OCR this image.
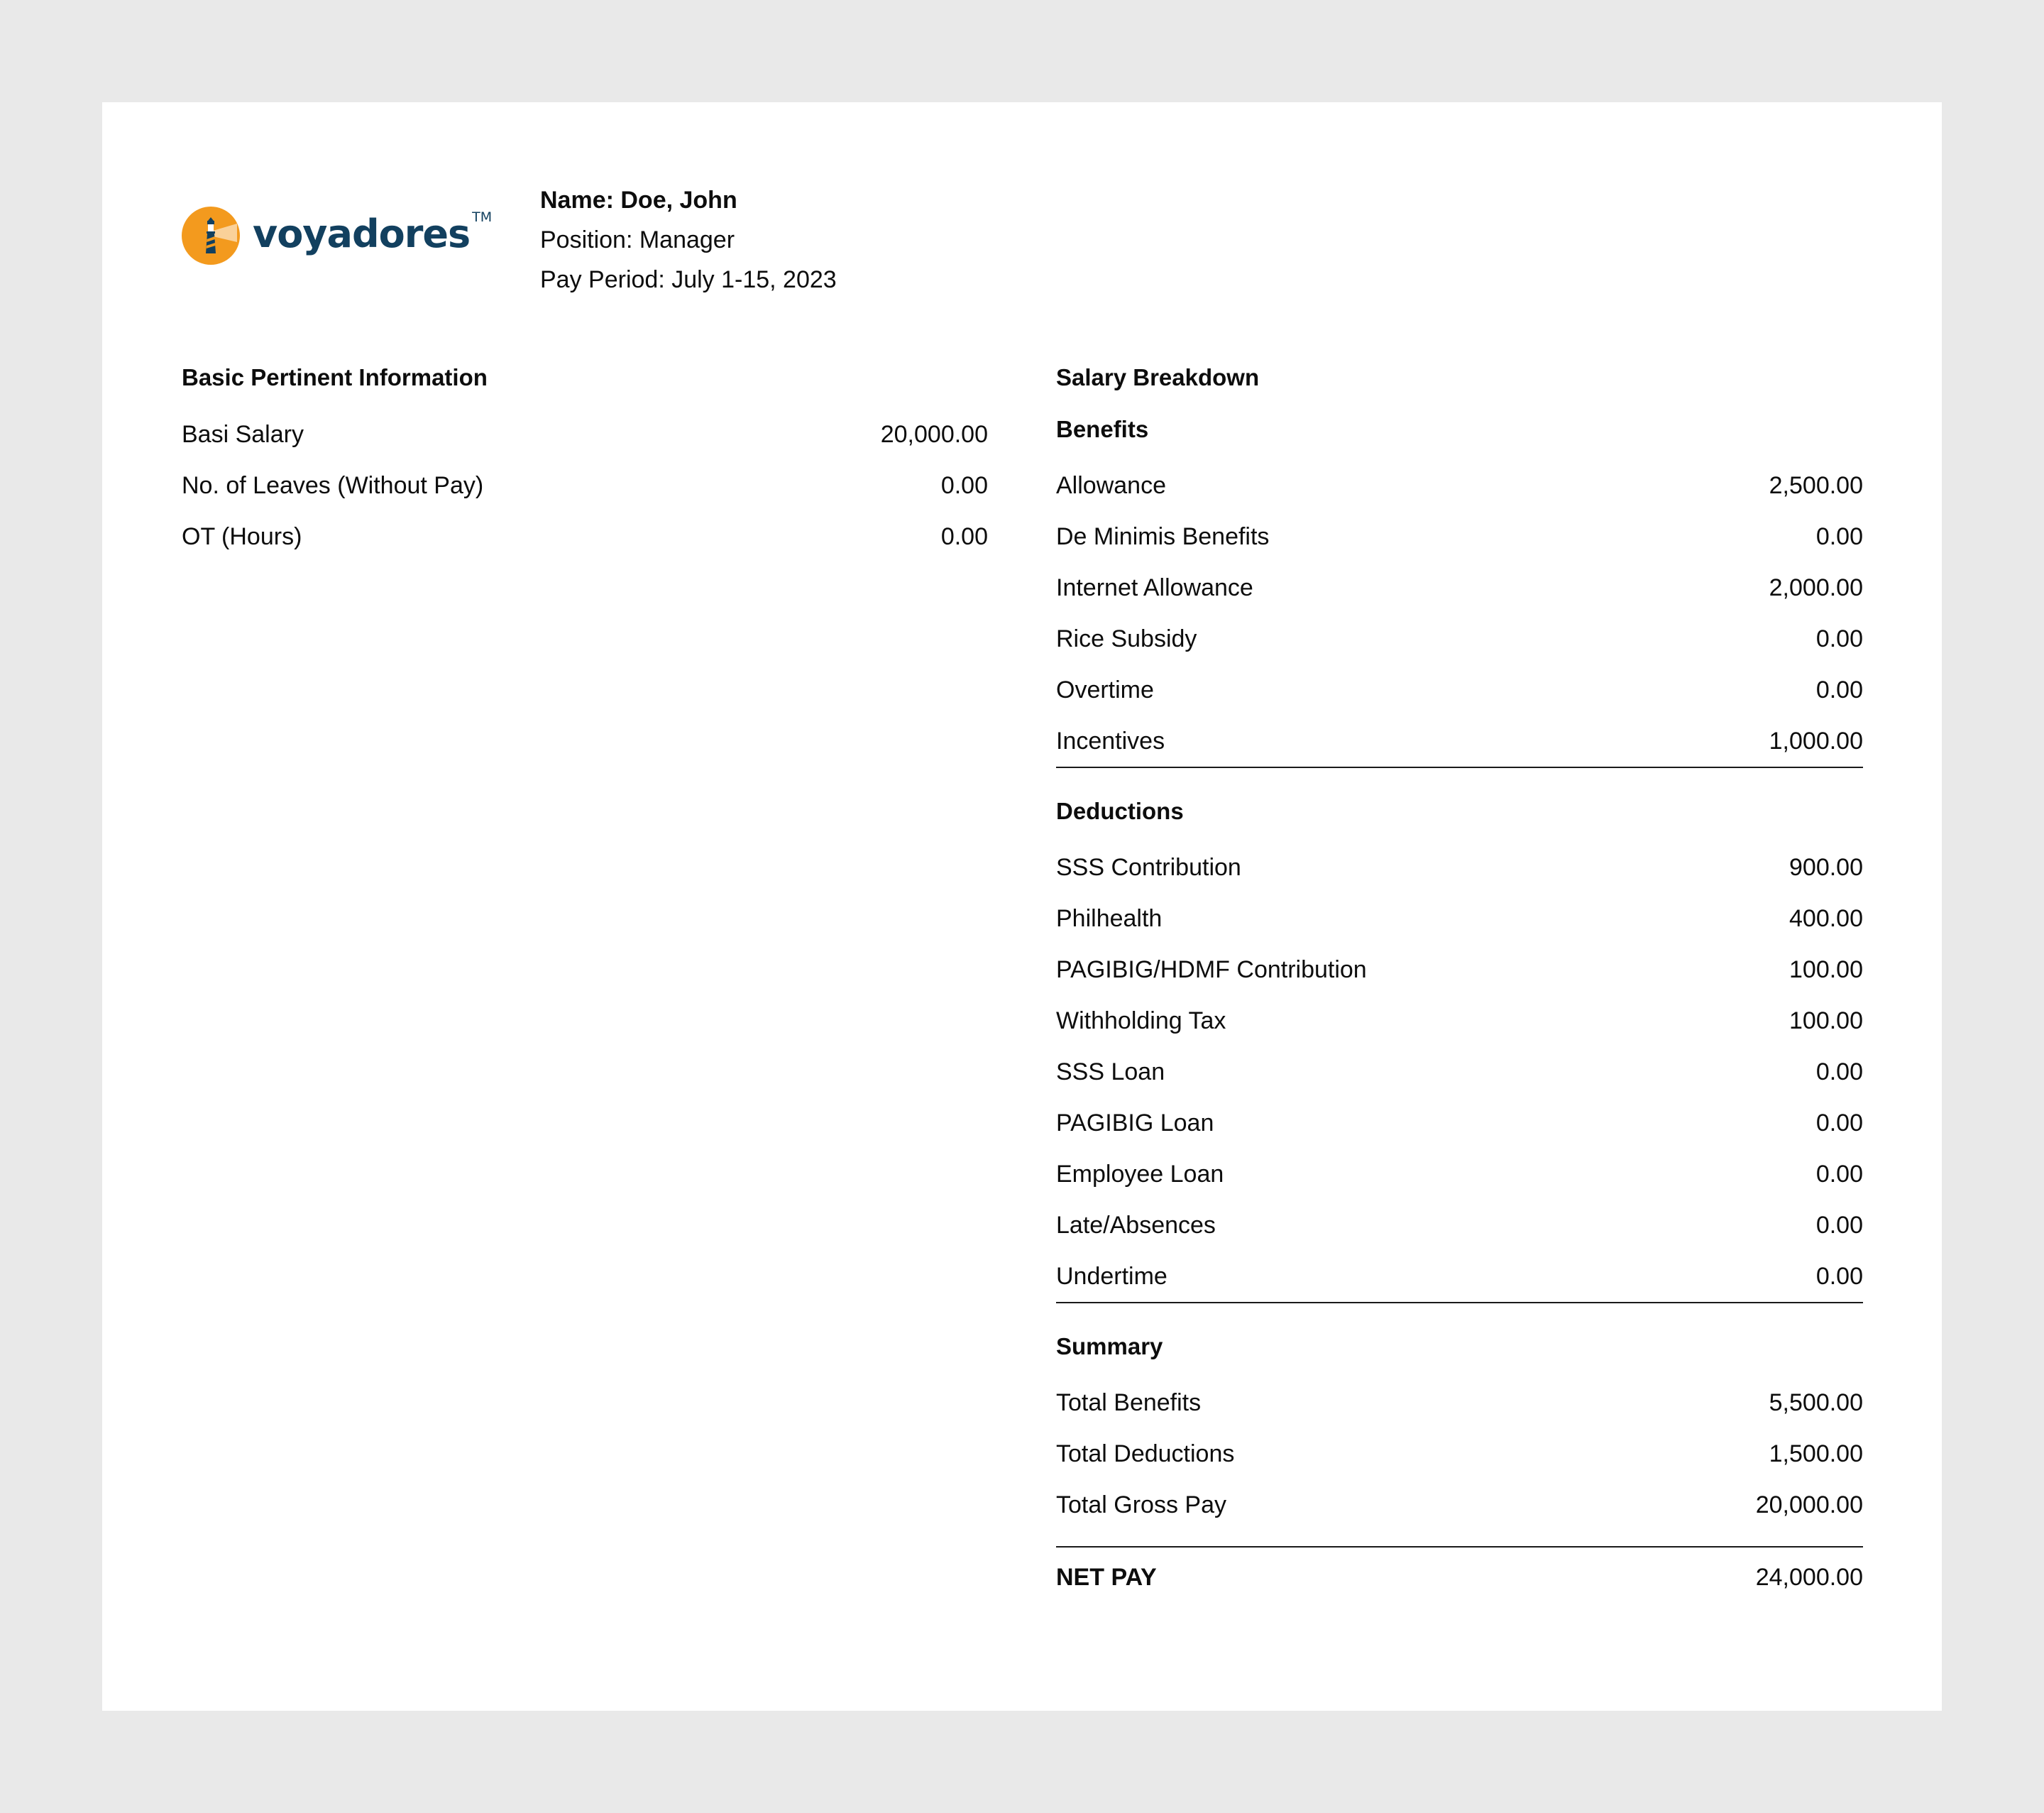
voyadores TM
Name: Doe, John
Position: Manager
Pay Period: July 1-15, 2023
Basic Pertinent Information
Basi Salary	20,000.00
No. of Leaves (Without Pay)	0.00
OT (Hours)	0.00
Salary Breakdown
Benefits
Allowance	2,500.00
De Minimis Benefits	0.00
Internet Allowance	2,000.00
Rice Subsidy	0.00
Overtime	0.00
Incentives	1,000.00
Deductions
SSS Contribution	900.00
Philhealth	400.00
PAGIBIG/HDMF Contribution	100.00
Withholding Tax	100.00
SSS Loan	0.00
PAGIBIG Loan	0.00
Employee Loan	0.00
Late/Absences	0.00
Undertime	0.00
Summary
Total Benefits	5,500.00
Total Deductions	1,500.00
Total Gross Pay	20,000.00
NET PAY	24,000.00
